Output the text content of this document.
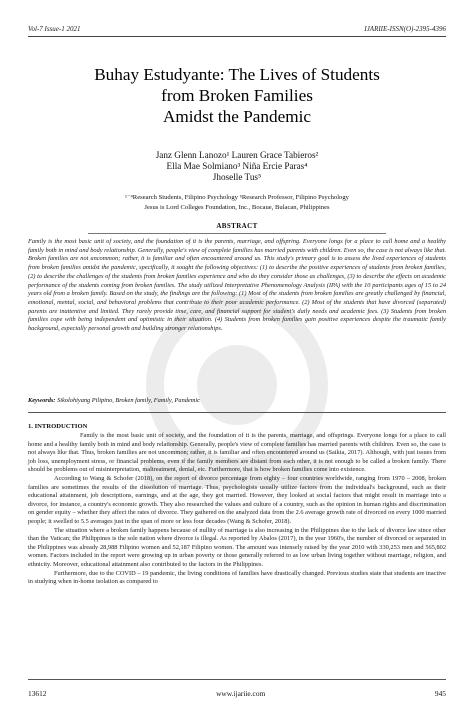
Vol-7 Issue-1 2021	IJARIIE-ISSN(O)-2395-4396
Buhay Estudyante: The Lives of Students
from Broken Families
Amidst the Pandemic
Janz Glenn Lanozo¹ Lauren Grace Tabieros²
Ella Mae Solmiano³ Niña Ercie Paras⁴
Jhoselle Tus⁵
¹⁻⁴Research Students, Filipino Psychology ⁵Research Professor, Filipino Psychology
Jesus is Lord Colleges Foundation, Inc., Bocaue, Bulacan, Philippines
ABSTRACT
Family is the most basic unit of society, and the foundation of it is the parents, marriage, and offspring. Everyone longs for a place to call home and a healthy family both in mind and body relationship. Generally, people's view of complete families has married parents with children. Even so, the case is not always like that. Broken families are not uncommon; rather, it is familiar and often encountered around us. This study's primary goal is to assess the lived experiences of students from broken families amidst the pandemic, specifically, it sought the following objectives: (1) to describe the positive experiences of students from broken families, (2) to describe the challenges of the students from broken families experience and who do they consider those as challenges, (3) to describe the effects on academic performance of the students coming from broken families. The study utilized Interpretative Phenomenology Analysis (IPA) with the 10 participants ages of 15 to 24 years old from a broken family. Based on the study, the findings are the following: (1) Most of the students from broken families are greatly challenged by financial, emotional, mental, social, and behavioral problems that contribute to their poor academic performance. (2) Most of the students that have divorced (separated) parents are inattentive and limited. They rarely provide time, care, and financial support for student's daily needs and academic fees. (3) Students from broken families cope with being independent and optimistic in their situation. (4) Students from broken families gain positive experiences despite the traumatic family background, especially personal growth and building stronger relationships.
Keywords: Sikolohiyang Pilipino, Broken family, Family, Pandemic
1. INTRODUCTION

Family is the most basic unit of society, and the foundation of it is the parents, marriage, and offsprings. Everyone longs for a place to call home and a healthy family both in mind and body relationship. Generally, people's view of complete families has married parents with children. Even so, the case is not always like that. Thus, broken families are not uncommon; rather, it is familiar and often encountered around us (Saikia, 2017). Although, with just issues from job loss, unemployment stress, or financial problems, even if the family members are distant from each other, it is not enough to be called a broken family. There should be problems out of misinterpretation, maltreatment, denial, etc. Furthermore, that is how broken families come into existence.

According to Wang & Schofer (2018), on the report of divorce percentage from eighty – four countries worldwide, ranging from 1970 – 2008, broken families are sometimes the results of the dissolution of marriage. Thus, psychologists usually utilize factors from the individual's background, such as their educational attainment, job descriptions, earnings, and at the age, they got married. However, they looked at social factors that might result in marriage into a divorce, for instance, a country's economic growth. They also researched the values and culture of a country, such as the opinion in human rights and discrimination on gender equity – whether they affect the rates of divorce. They gathered on the analyzed data from the 2.6 average growth rate of divorced on every 1000 married people; it swelled to 5.5 averages just in the span of more or less four decades (Wang & Schofer, 2018).

The situation where a broken family happens because of nullity of marriage is also increasing in the Philippines due to the lack of divorce law since other than the Vatican; the Philippines is the sole nation where divorce is illegal. As reported by Abalos (2017), in the year 1960's, the number of divorced or separated in the Philippines was already 28,988 Filipino women and 52,187 Filipino women. The amount was intensely raised by the year 2010 with 330,253 men and 565,802 women. Factors included in the report were growing up in urban poverty or those generally referred to as low urban living together without marriage, religion, and ethnicity. Moreover, educational attainment also contributed to the factors in the Philippines.

Furthermore, due to the COVID – 19 pandemic, the living conditions of families have drastically changed. Previous studies state that students are inactive in studying when in-home isolation as compared to

13612	www.ijariie.com	945
